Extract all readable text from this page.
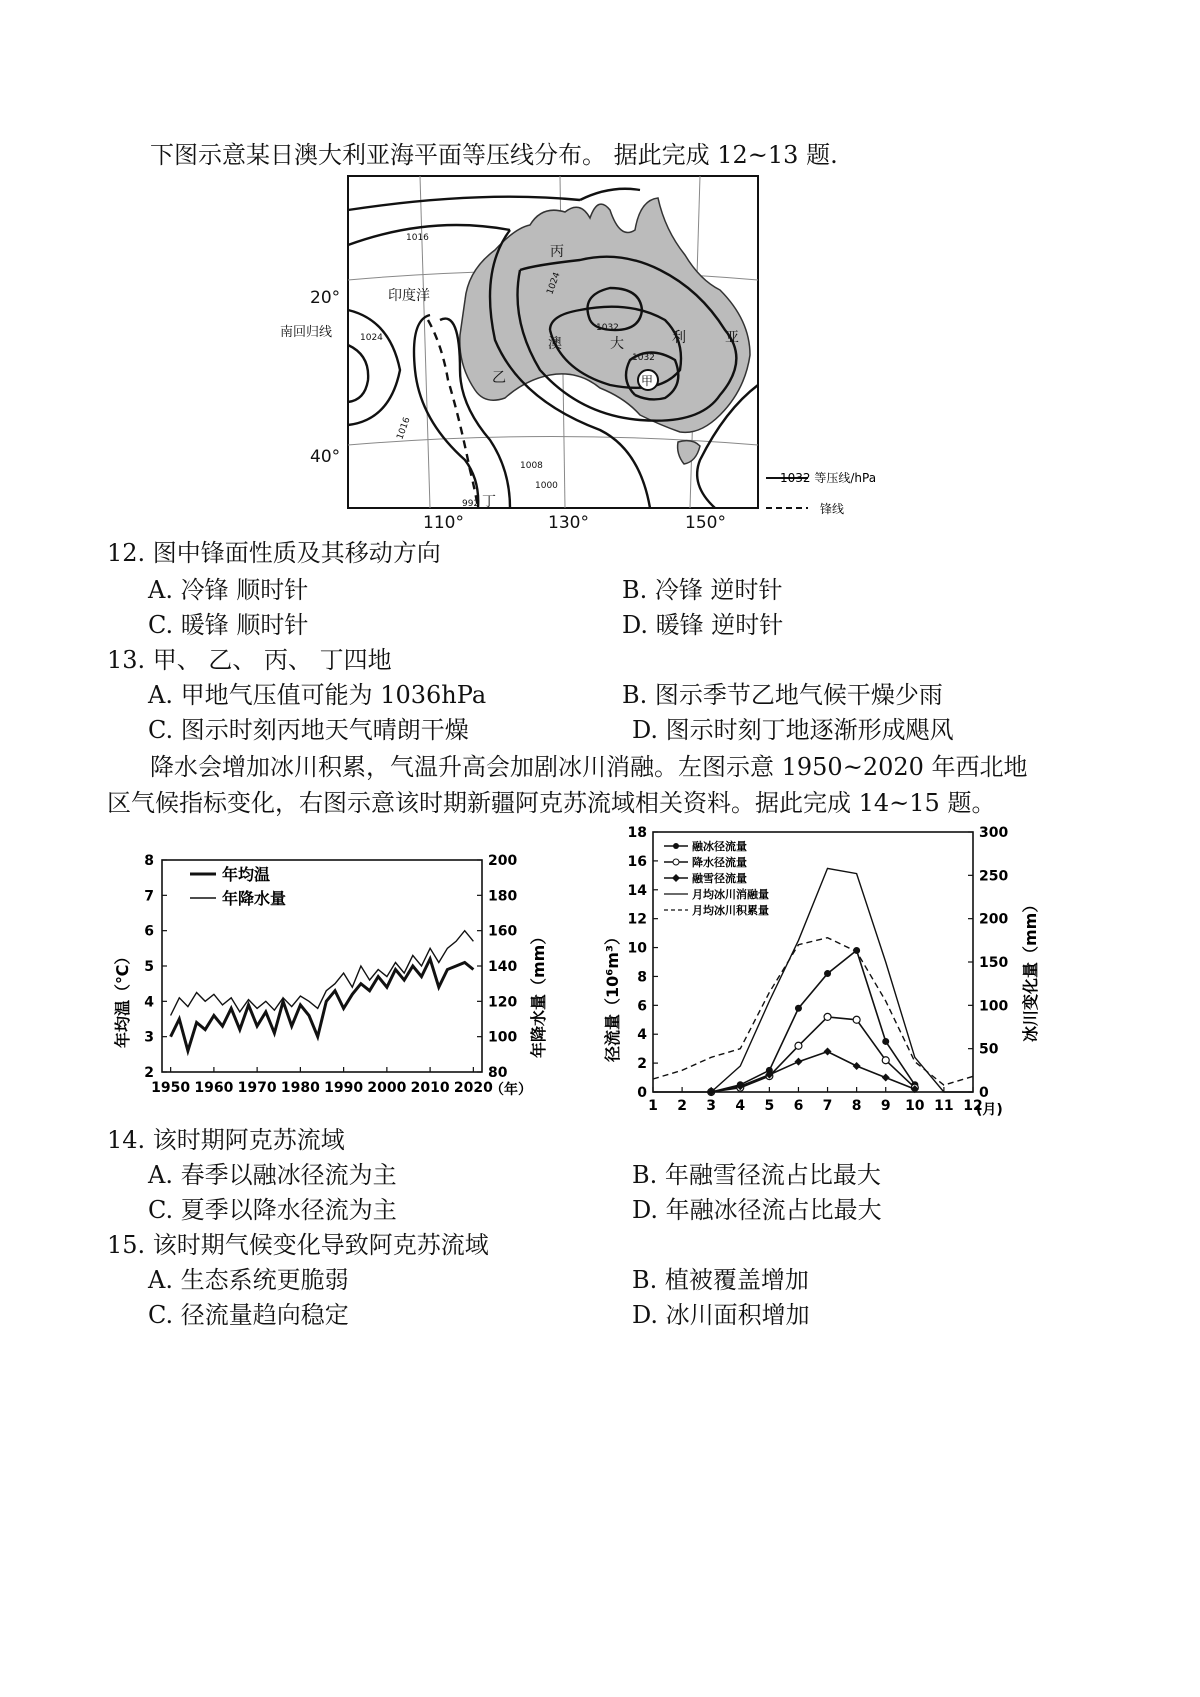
下图示意某日澳大利亚海平面等压线分布。 据此完成 12~13 题.
印度洋
丙
乙	甲
丁
澳	大	利	亚
1016
1024
1032
1032
1024
1016
1008
1000
992
20°
南回归线
40°
110°	130°	150°
1032 等压线/hPa
锋线
12. 图中锋面性质及其移动方向
A. 冷锋 顺时针	B. 冷锋 逆时针
C. 暖锋 顺时针	D. 暖锋 逆时针
13. 甲、 乙、 丙、 丁四地
A. 甲地气压值可能为 1036hPa	B. 图示季节乙地气候干燥少雨
C. 图示时刻丙地天气晴朗干燥	D. 图示时刻丁地逐渐形成飓风
降水会增加冰川积累，气温升高会加剧冰川消融。左图示意 1950~2020 年西北地
区气候指标变化，右图示意该时期新疆阿克苏流域相关资料。据此完成 14~15 题。
1950 1960 1970 1980 1990 2000 2010 2020
2
3
4
5
6
7
8
80
100
120
140
160
180
200
年均温（℃）	年降水量（mm）
年均温
年降水量
（年）
1 2 3 4 5 6 7 8 9 10 11 12
0
2
4
6
8
10
12
14
16
18
0
50
100
150
200
250
300
径流量（10⁶m³）	冰川变化量（mm）
(月)
融冰径流量
降水径流量
融雪径流量
月均冰川消融量
月均冰川积累量
14. 该时期阿克苏流域
A. 春季以融冰径流为主	B. 年融雪径流占比最大
C. 夏季以降水径流为主	D. 年融冰径流占比最大
15. 该时期气候变化导致阿克苏流域
A. 生态系统更脆弱	B. 植被覆盖增加
C. 径流量趋向稳定	D. 冰川面积增加
